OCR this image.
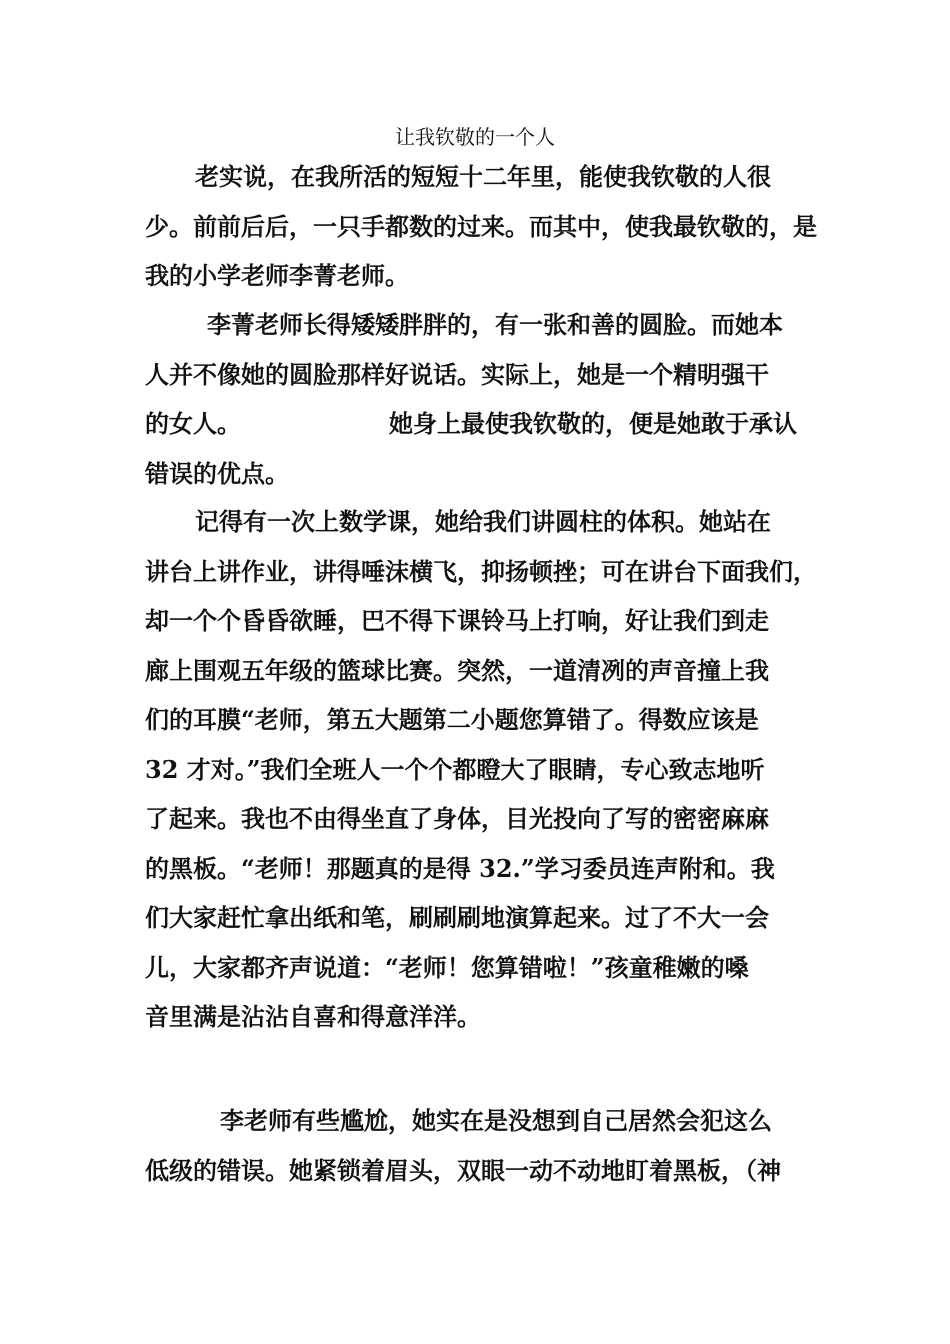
让我钦敬的一个人
老实说，在我所活的短短十二年里，能使我钦敬的人很
少。前前后后，一只手都数的过来。而其中，使我最钦敬的，是
我的小学老师李菁老师。
李菁老师长得矮矮胖胖的，有一张和善的圆脸。而她本
人并不像她的圆脸那样好说话。实际上，她是一个精明强干
的女人。	她身上最使我钦敬的，便是她敢于承认
错误的优点。
记得有一次上数学课，她给我们讲圆柱的体积。她站在
讲台上讲作业，讲得唾沫横飞，抑扬顿挫；可在讲台下面我们，
却一个个昏昏欲睡，巴不得下课铃马上打响，好让我们到走
廊上围观五年级的篮球比赛。突然，一道清冽的声音撞上我
们的耳膜“老师，第五大题第二小题您算错了。得数应该是
32 才对。”我们全班人一个个都瞪大了眼睛，专心致志地听
了起来。我也不由得坐直了身体，目光投向了写的密密麻麻
的黑板。“老师！那题真的是得 32.”学习委员连声附和。我
们大家赶忙拿出纸和笔，刷刷刷地演算起来。过了不大一会
儿，大家都齐声说道：“老师！您算错啦！”孩童稚嫩的嗓
音里满是沾沾自喜和得意洋洋。
李老师有些尴尬，她实在是没想到自己居然会犯这么
低级的错误。她紧锁着眉头，双眼一动不动地盯着黑板，（神
